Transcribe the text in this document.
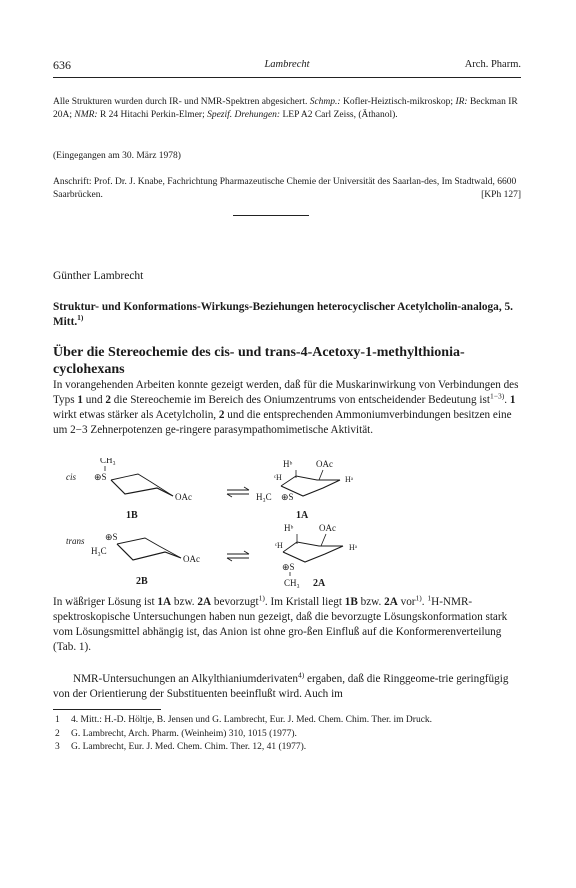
636	Lambrecht	Arch. Pharm.
Alle Strukturen wurden durch IR- und NMR-Spektren abgesichert. Schmp.: Kofler-Heiztisch-mikroskop; IR: Beckman IR 20A; NMR: R 24 Hitachi Perkin-Elmer; Spezif. Drehungen: LEP A2 Carl Zeiss, (Äthanol).
(Eingegangen am 30. März 1978)
Anschrift: Prof. Dr. J. Knabe, Fachrichtung Pharmazeutische Chemie der Universität des Saarlan-des, Im Stadtwald, 6600 Saarbrücken.	[KPh 127]
Günther Lambrecht
Struktur- und Konformations-Wirkungs-Beziehungen heterocyclischer Acetylcholin-analoga, 5. Mitt.$^{1)}$
Über die Stereochemie des cis- und trans-4-Acetoxy-1-methylthionia-cyclohexans
In vorangehenden Arbeiten konnte gezeigt werden, daß für die Muskarinwirkung von Verbindungen des Typs 1 und 2 die Stereochemie im Bereich des Oniumzentrums von entscheidender Bedeutung ist$^{1-3)}$. 1 wirkt etwas stärker als Acetylcholin, 2 und die entsprechenden Ammoniumverbindungen besitzen eine um 2−3 Zehnerpotenzen ge-ringere parasympathomimetische Aktivität.
cis
CH₃
⊕S
OAc
1B
Hᵇ	OAc
ᶜH	Hᵃ
H₃C ⊕S
1A
trans ⊕S
H₃C
OAc
2B
Hᵇ	OAc
ᶜH	Hᵃ
⊕S
CH₃ 2A
In wäßriger Lösung ist 1A bzw. 2A bevorzugt$^{1)}$. Im Kristall liegt 1B bzw. 2A vor$^{1)}$. $^1$H-NMR-spektroskopische Untersuchungen haben nun gezeigt, daß die bevorzugte Lösungskonformation stark vom Lösungsmittel abhängig ist, das Anion ist ohne gro-ßen Einfluß auf die Konformerenverteilung (Tab. 1).
NMR-Untersuchungen an Alkylthianiumderivaten$^{4)}$ ergaben, daß die Ringgeome-trie geringfügig von der Orientierung der Substituenten beeinflußt wird. Auch im
1 4. Mitt.: H.-D. Höltje, B. Jensen und G. Lambrecht, Eur. J. Med. Chem. Chim. Ther. im Druck.
2 G. Lambrecht, Arch. Pharm. (Weinheim) 310, 1015 (1977).
3 G. Lambrecht, Eur. J. Med. Chem. Chim. Ther. 12, 41 (1977).
